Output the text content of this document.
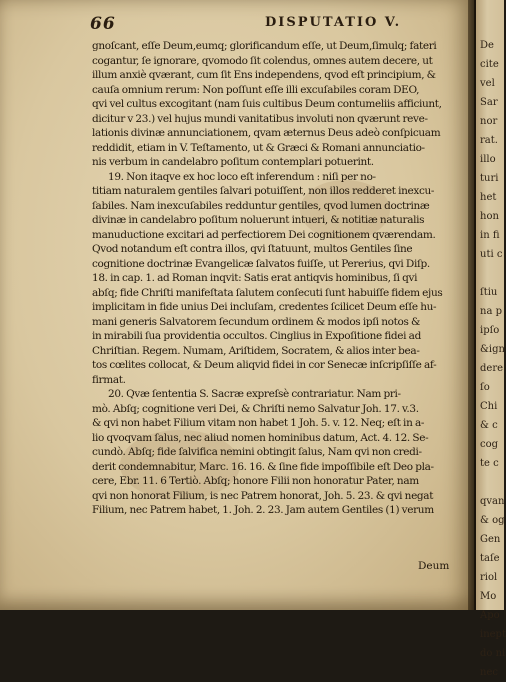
66	DISPUTATIO V.
gnoſcant, eſſe Deum,eumq; glorificandum eſſe, ut Deum,ſimulq; fateri
cogantur, ſe ignorare, qvomodo ſit colendus, omnes autem decere, ut
illum anxiè qværant, cum ſit Ens independens, qvod eſt principium, &
cauſa omnium rerum: Non poſſunt eſſe illi excuſabiles coram DEO,
qvi vel cultus excogitant (nam ſuis cultibus Deum contumeliis afficiunt,
dicitur v 23.) vel hujus mundi vanitatibus involuti non qværunt reve-
lationis divinæ annunciationem, qvam æternus Deus adeò conſpicuam
reddidit, etiam in V. Teſtamento, ut & Græci & Romani annunciatio-
nis verbum in candelabro poſitum contemplari potuerint.
19. Non itaqve ex hoc loco eſt inferendum : niſi per no-
titiam naturalem gentiles ſalvari potuiſſent, non illos redderet inexcu-
ſabiles. Nam inexcuſabiles redduntur gentiles, qvod lumen doctrinæ
divinæ in candelabro poſitum noluerunt intueri, & notitiæ naturalis
manuductione excitari ad perfectiorem Dei cognitionem qværendam.
Qvod notandum eſt contra illos, qvi ſtatuunt, multos Gentiles ſine
cognitione doctrinæ Evangelicæ ſalvatos fuiſſe, ut Pererius, qvi Diſp.
18. in cap. 1. ad Roman inqvit: Satis erat antiqvis hominibus, ſi qvi
abſq; fide Chriſti manifeſtata ſalutem conſecuti ſunt habuiſſe fidem ejus
implicitam in fide unius Dei incluſam, credentes ſcilicet Deum eſſe hu-
mani generis Salvatorem ſecundum ordinem & modos ipſi notos &
in mirabili ſua providentia occultos. Cinglius in Expoſitione fidei ad
Chriſtian. Regem. Numam, Ariſtidem, Socratem, & alios inter bea-
tos cœlites collocat, & Deum aliqvid fidei in cor Senecæ inſcripſiſſe af-
firmat.
20. Qvæ ſententia S. Sacræ expreſsè contrariatur. Nam pri-
mò. Abſq; cognitione veri Dei, & Chriſti nemo Salvatur Joh. 17. v.3.
& qvi non habet Filium vitam non habet 1 Joh. 5. v. 12. Neq; eſt in a-
lio qvoqvam ſalus, nec aliud nomen hominibus datum, Act. 4. 12. Se-
cundò. Abſq; fide ſalvifica nemini obtingit ſalus, Nam qvi non credi-
derit condemnabitur, Marc. 16. 16. & ſine fide impoſſibile eſt Deo pla-
cere, Ebr. 11. 6 Tertiò. Abſq; honore Filii non honoratur Pater, nam
qvi non honorat Filium, is nec Patrem honorat, Joh. 5. 23. & qvi negat
Filium, nec Patrem habet, 1. Joh. 2. 23. Jam autem Gentiles (1) verum
Deum
De
cite
vel
Sar
nor
rat.
illo
turi
het
hon
in fi
uti c
ſtiu
na p
ipſo
&ign
dere
ſo
Chi
& c
cog
te c
qvan
& og
Gen
taſe
riol
Mo
Apo
inept
do ni
nec
